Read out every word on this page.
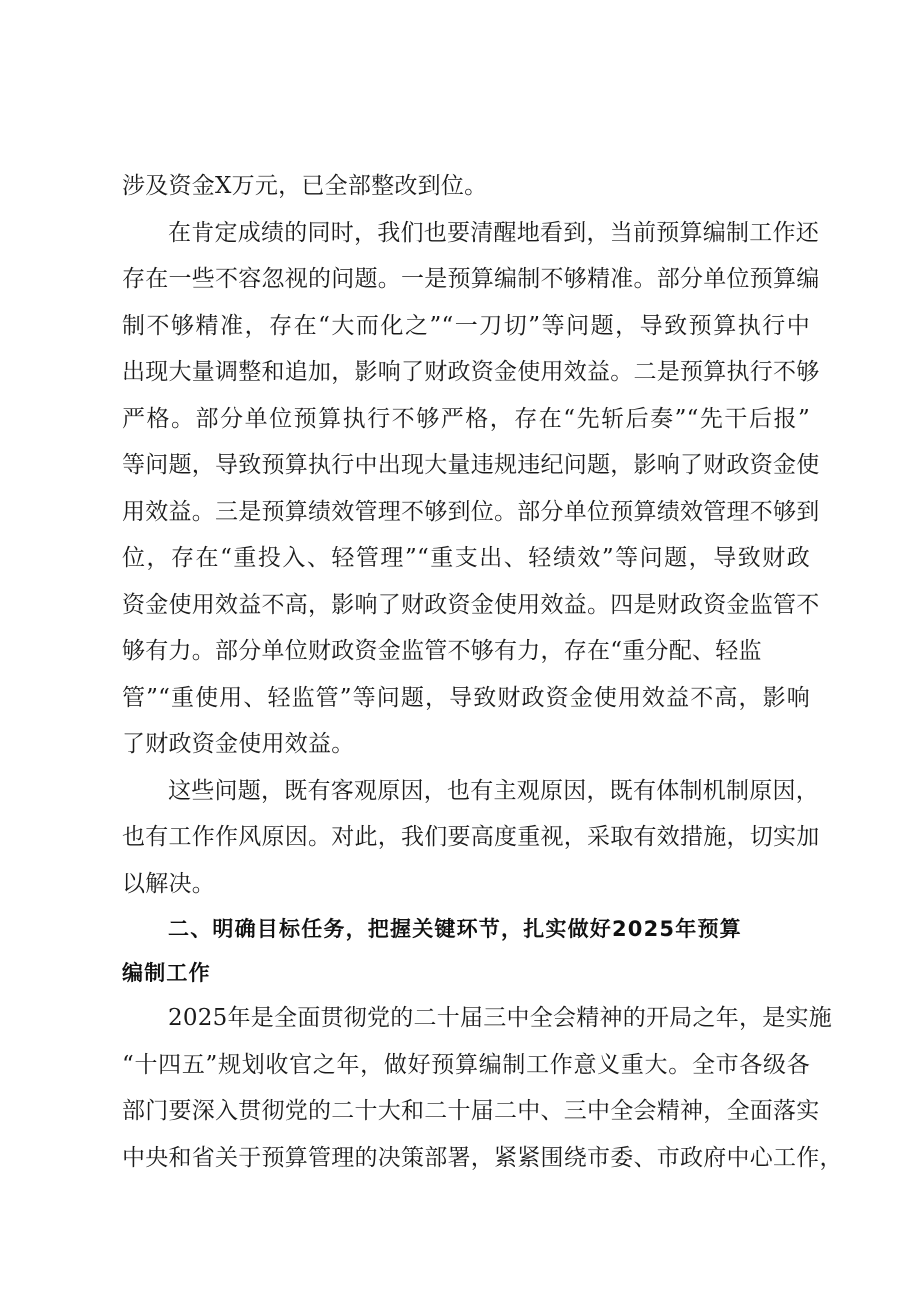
涉及资金X万元，已全部整改到位。

在肯定成绩的同时，我们也要清醒地看到，当前预算编制工作还
存在一些不容忽视的问题。一是预算编制不够精准。部分单位预算编
制不够精准，存在“大而化之”“一刀切”等问题，导致预算执行中
出现大量调整和追加，影响了财政资金使用效益。二是预算执行不够
严格。部分单位预算执行不够严格，存在“先斩后奏”“先干后报”
等问题，导致预算执行中出现大量违规违纪问题，影响了财政资金使
用效益。三是预算绩效管理不够到位。部分单位预算绩效管理不够到
位，存在“重投入、轻管理”“重支出、轻绩效”等问题，导致财政
资金使用效益不高，影响了财政资金使用效益。四是财政资金监管不
够有力。部分单位财政资金监管不够有力，存在“重分配、轻监
管”“重使用、轻监管”等问题，导致财政资金使用效益不高，影响
了财政资金使用效益。

这些问题，既有客观原因，也有主观原因，既有体制机制原因，
也有工作作风原因。对此，我们要高度重视，采取有效措施，切实加
以解决。

二、明确目标任务，把握关键环节，扎实做好2025年预算
编制工作

2025年是全面贯彻党的二十届三中全会精神的开局之年，是实施
“十四五”规划收官之年，做好预算编制工作意义重大。全市各级各
部门要深入贯彻党的二十大和二十届二中、三中全会精神，全面落实
中央和省关于预算管理的决策部署，紧紧围绕市委、市政府中心工作，
